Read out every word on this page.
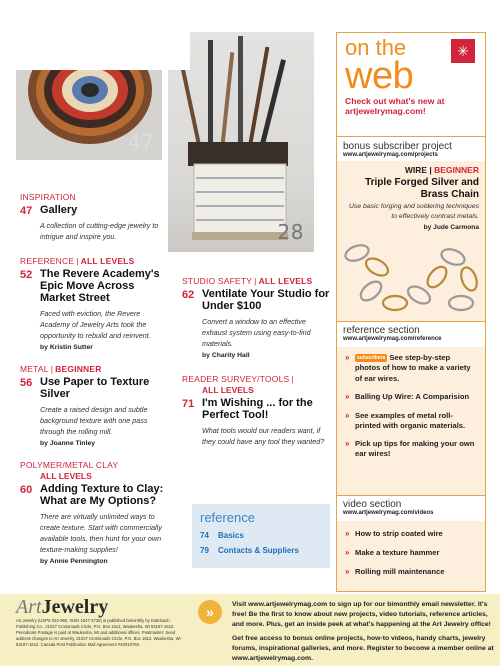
47
28
INSPIRATION
47 Gallery
A collection of cutting-edge jewelry to intrigue and inspire you.
REFERENCE | ALL LEVELS
52 The Revere Academy's Epic Move Across Market Street
Faced with eviction, the Revere Academy of Jewelry Arts took the opportunity to rebuild and reinvent.
by Kristin Sutter
METAL | BEGINNER
56 Use Paper to Texture Silver
Create a raised design and subtle background texture with one pass through the rolling mill.
by Joanne Tinley
POLYMER/METAL CLAY
ALL LEVELS
60 Adding Texture to Clay: What are My Options?
There are virtually unlimited ways to create texture. Start with commercially available tools, then hunt for your own texture-making supplies!
by Annie Pennington
STUDIO SAFETY | ALL LEVELS
62 Ventilate Your Studio for Under $100
Convert a window to an effective exhaust system using easy-to-find materials.
by Charity Hall
READER SURVEY/TOOLS |
ALL LEVELS
71 I'm Wishing ... for the Perfect Tool!
What tools would our readers want, if they could have any tool they wanted?
reference
74	Basics
79	Contacts & Suppliers
✳
on the
web
Check out what's new at artjewelrymag.com!
bonus subscriber project
www.artjewelrymag.com/projects
WIRE | BEGINNER
Triple Forged Silver and Brass Chain
Use basic forging and soldering techniques to effectively contrast metals.
by Jude Carmona
reference section
www.artjewelrymag.com/reference
»	subscribers See step-by-step photos of how to make a variety of ear wires.
» Balling Up Wire: A Comparision
» See examples of metal roll-printed with organic materials.
» Pick up tips for making your own ear wires!
video section
www.artjewelrymag.com/videos
» How to strip coated wire
» Make a texture hammer
» Rolling mill maintenance
ArtJewelry
Art Jewelry (USPS 022-960, ISSN 1547-2736) is published bimonthly by Kalmbach Publishing Co., 21027 Crossroads Circle, P.O. Box 1612, Waukesha, WI 53187-1612. Periodicals Postage is paid at Waukesha, WI and additional offices. Postmaster: Send address changes to Art Jewelry, 21027 Crossroads Circle, P.O. Box 1612, Waukesha, WI 53187-1612. Canada Post Publication Mail Agreement #40010760.
»	Visit www.artjewelrymag.com to sign up for our bimonthly email newsletter. It's free! Be the first to know about new projects, video tutorials, reference articles, and more. Plus, get an inside peek at what's happening at the Art Jewelry office!
Get free access to bonus online projects, how-to videos, handy charts, jewelry forums, inspirational galleries, and more. Register to become a member online at www.artjewelrymag.com.
